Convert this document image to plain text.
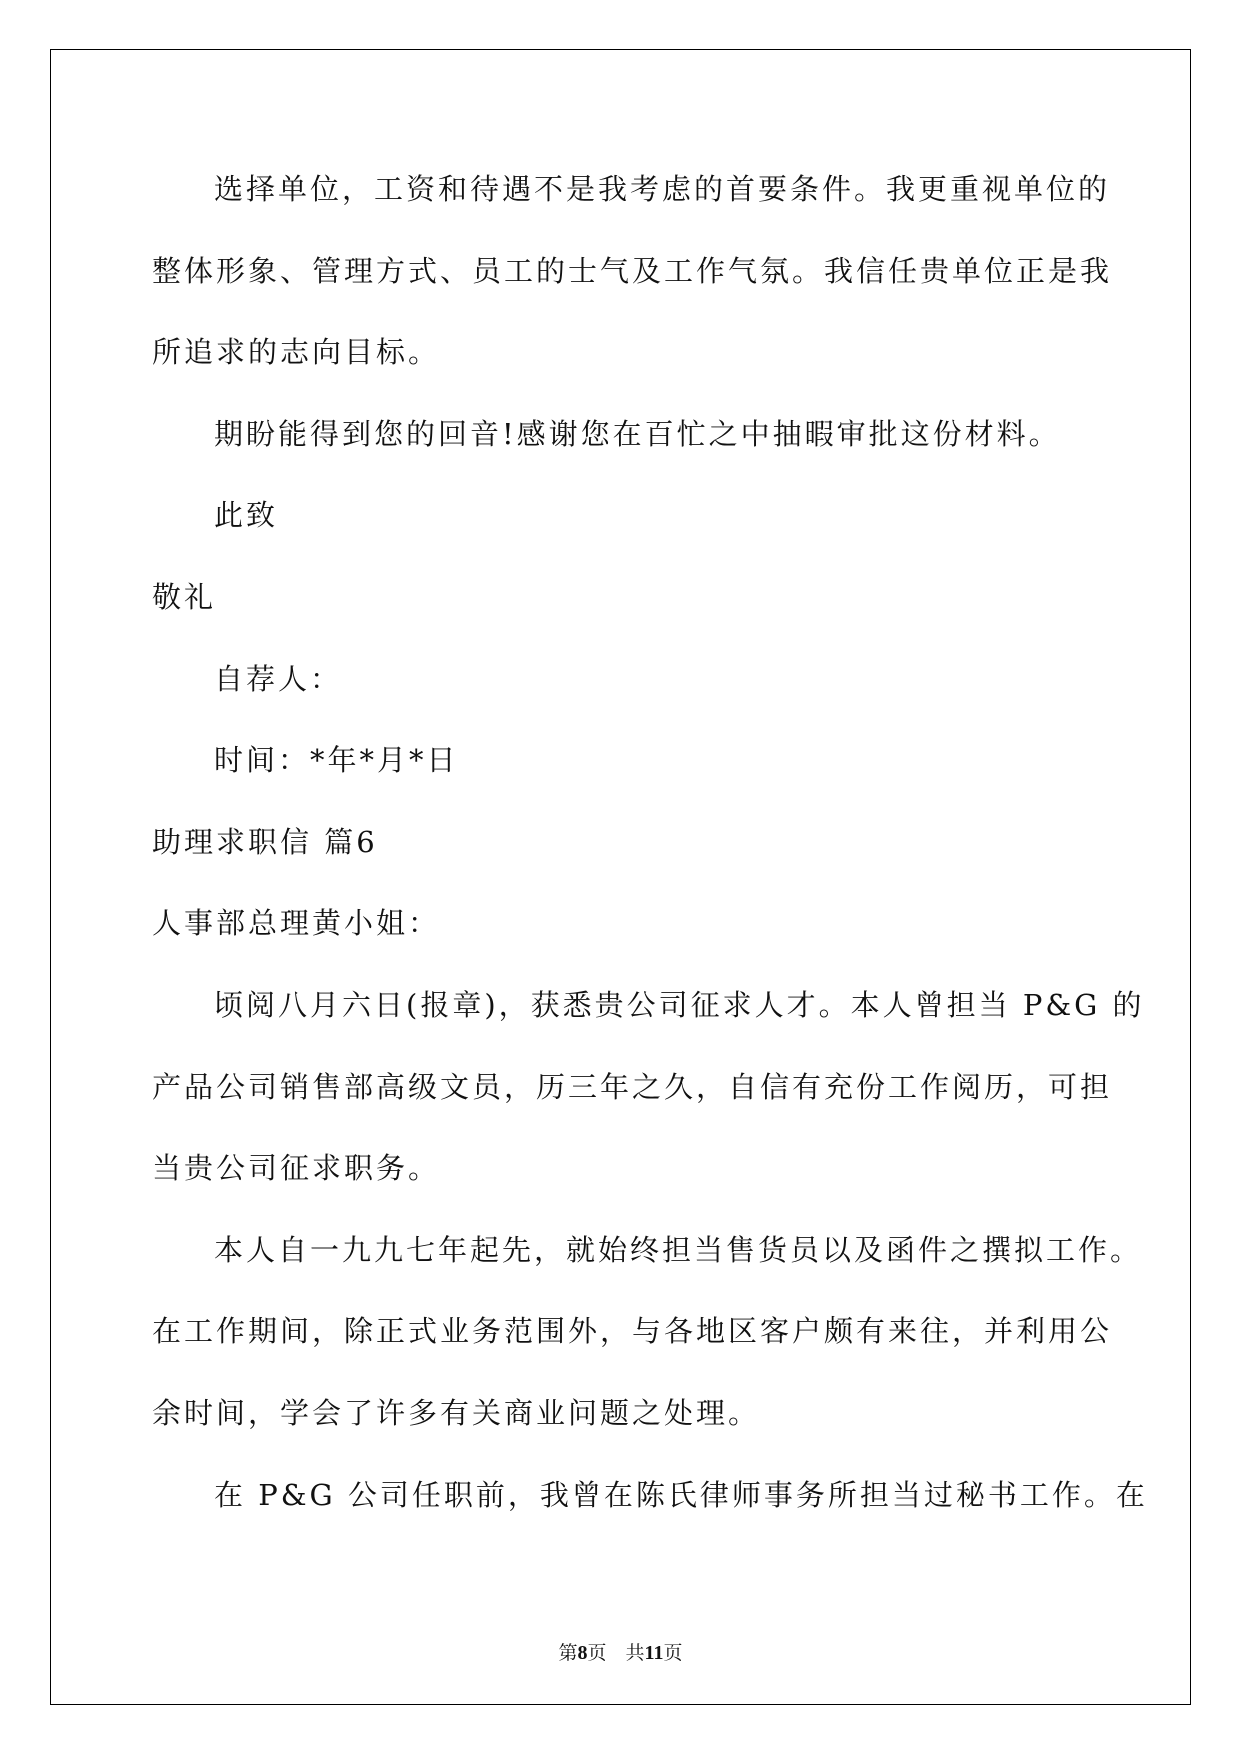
选择单位，工资和待遇不是我考虑的首要条件。我更重视单位的
整体形象、管理方式、员工的士气及工作气氛。我信任贵单位正是我
所追求的志向目标。
期盼能得到您的回音!感谢您在百忙之中抽暇审批这份材料。
此致
敬礼
自荐人：
时间：*年*月*日
助理求职信 篇6
人事部总理黄小姐：
顷阅八月六日(报章)，获悉贵公司征求人才。本人曾担当 P&G 的
产品公司销售部高级文员，历三年之久，自信有充份工作阅历，可担
当贵公司征求职务。
本人自一九九七年起先，就始终担当售货员以及函件之撰拟工作。
在工作期间，除正式业务范围外，与各地区客户颇有来往，并利用公
余时间，学会了许多有关商业问题之处理。
在 P&G 公司任职前，我曾在陈氏律师事务所担当过秘书工作。在
第8页　共11页
